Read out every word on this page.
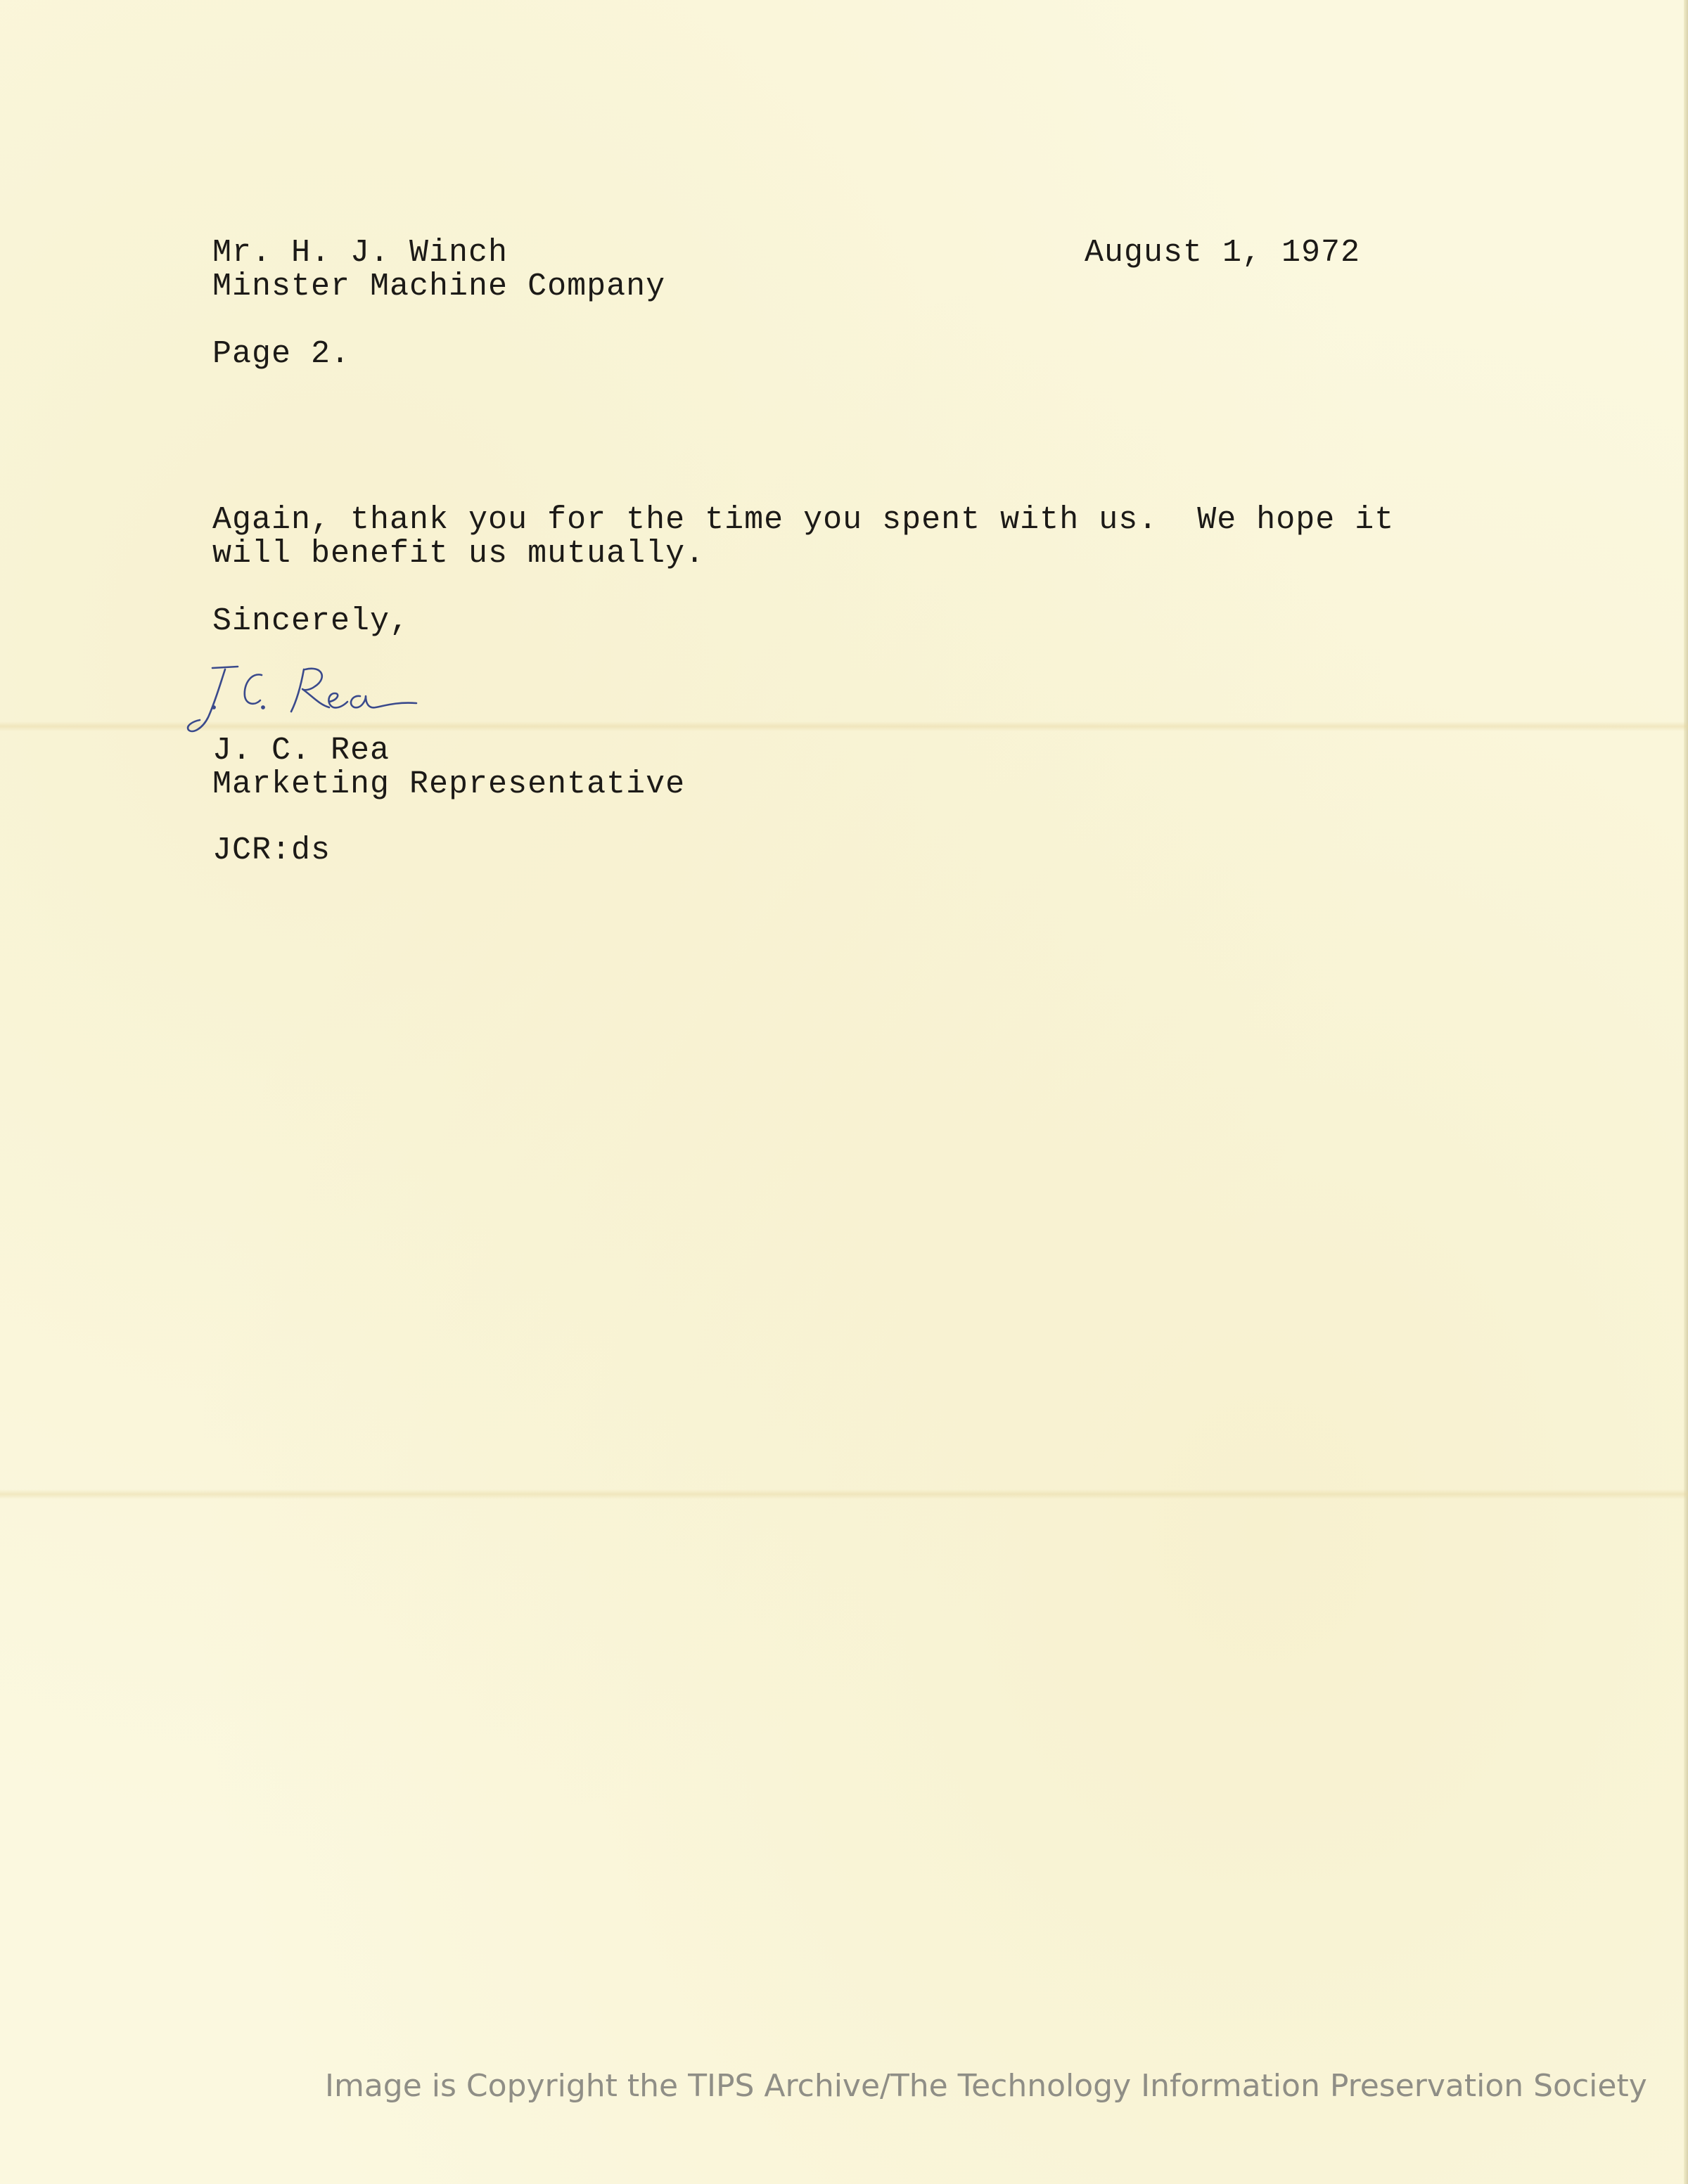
Mr. H. J. Winch	August 1, 1972

Minster Machine Company

Page 2.

Again, thank you for the time you spent with us.  We hope it

will benefit us mutually.

Sincerely,

J. C. Rea

Marketing Representative

JCR:ds

Image is Copyright the TIPS Archive/The Technology Information Preservation Society
